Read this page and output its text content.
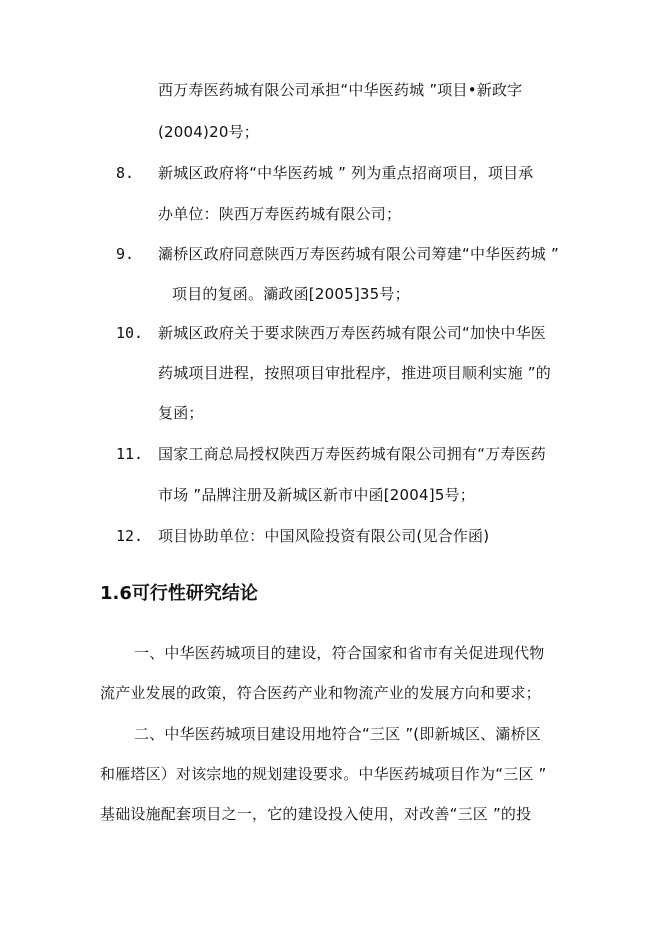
西万寿医药城有限公司承担“中华医药城 ”项目•新政字
(2004)20号；
8. 新城区政府将“中华医药城 ” 列为重点招商项目，项目承
办单位：陕西万寿医药城有限公司；
9. 灞桥区政府同意陕西万寿医药城有限公司筹建“中华医药城 ”
项目的复函。灞政函[2005]35号；
10. 新城区政府关于要求陕西万寿医药城有限公司“加快中华医
药城项目进程，按照项目审批程序，推进项目顺利实施 ”的
复函；
11. 国家工商总局授权陕西万寿医药城有限公司拥有“万寿医药
市场 ”品牌注册及新城区新市中函[2004]5号；
12. 项目协助单位：中国风险投资有限公司(见合作函)
1.6可行性研究结论
一、中华医药城项目的建设，符合国家和省市有关促进现代物
流产业发展的政策，符合医药产业和物流产业的发展方向和要求；
二、中华医药城项目建设用地符合“三区 ”(即新城区、灞桥区
和雁塔区）对该宗地的规划建设要求。中华医药城项目作为“三区 ”
基础设施配套项目之一，它的建设投入使用，对改善“三区 ”的投
